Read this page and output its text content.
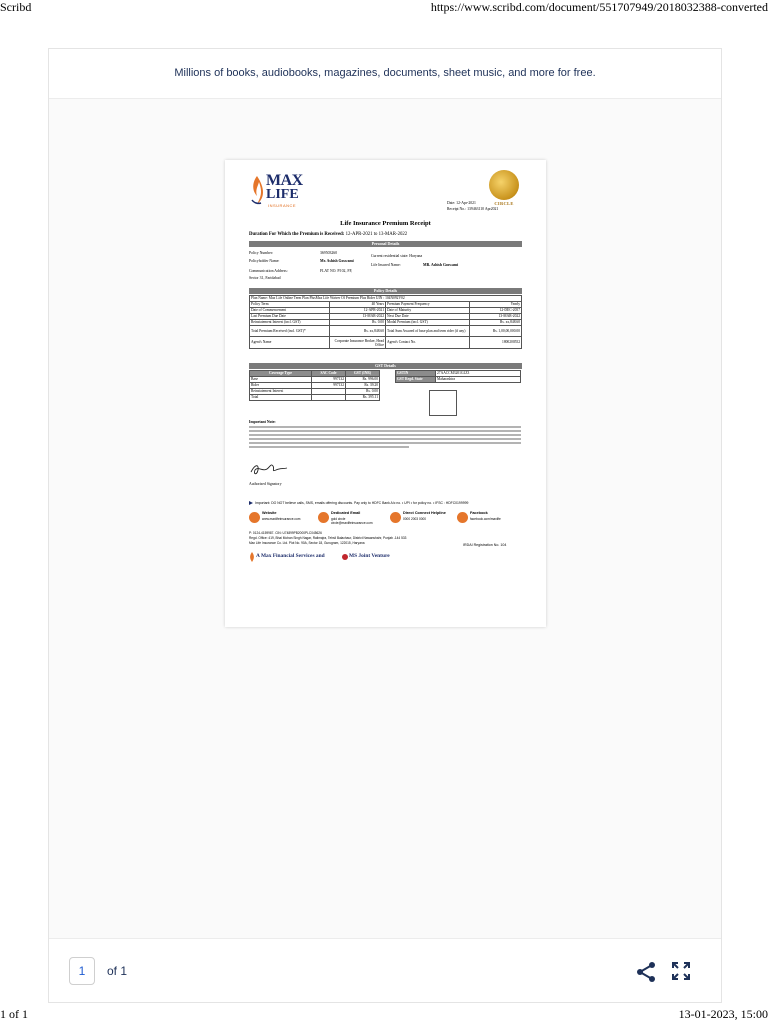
Scribd	https://www.scribd.com/document/551707949/2018032388-converted
Millions of books, audiobooks, magazines, documents, sheet music, and more for free.
MAX
LIFE
INSURANCE	CIRCLE
Date: 12-Apr-2021
Receipt No.: 139463110 Apr2021
Life Insurance Premium Receipt
Duration For Which the Premium is Received: 12-APR-2021 to 13-MAR-2022
Personal Details
Policy Number:	369503260
Current residential state: Haryana
Policyholder Name:	Mr. Ashish Goswami
Life Insured Name:	MR. Ashish Goswami
Communication Address:	FLAT NO. PI 02, FF,
Sector 31, Faridabad
Policy Details
Plan Name: Max Life Online Term Plan PlusMax Life Waiver Of Premium Plus Rider UIN : 104N092V02			
Policy Term	40 Years	Premium Payment Frequency	Yearly
Date of Commencement	12-APR-2021	Date of Maturity	12-DEC-2057
Last Premium Due Date	13-MAR-2022	Next Due Date	13-MAR-2022
Reinstatement Interest (incl. GST)	Rs. 0.00	Modal Premium (incl. GST)	Rs. xx,848.60
Total Premium Received (incl. GST)*	Rs. xx,848.60	Total Sum Assured of base plan and term rider (if any)	Rs. 1,00,00,000.00
Agent's Name	Corporate Insurance Broker, Head Office	Agent's Contact No.	1800200552
GST Details
Coverage Type	SAC Code	GST (INR)
Base	997132	Rs. 996.00
Rider	997132	Rs. 39.20
Reinstatement Interest		Rs. 0.00
Total		Rs. 395.11
GSTIN	27AACCM3201G1Z3
GST Regd. State	Maharashtra
Important Note:
Authorised Signatory
Important: DO NOT believe calls, SMS, emails offering discounts. Pay only to HDFC Bank A/c no. • UPI • for policy no. • IFSC : HDFC0199999
Website
www.maxlifeinsurance.com
Dedicated Email
gold circle
circle@maxlifeinsurance.com
Direct Connect Helpline
0000 2003 0000
Facebook
facebook.com/maxlife
P: 0124-4159987. CIN: U74899PB2000PLC045626
Regd. Office: 419, Bhai Mohan Singh Nagar, Railmajra, Tehsil Balachaur, District Nawanshahr, Punjab -144 533
Max Life Insurance Co. Ltd. Plot No. 90A, Sector 18, Gurugram, 122015, Haryana	IRDAI Registration No. 104
A Max Financial Services and	MS Joint Venture
1	of 1
1 of 1	13-01-2023, 15:00
